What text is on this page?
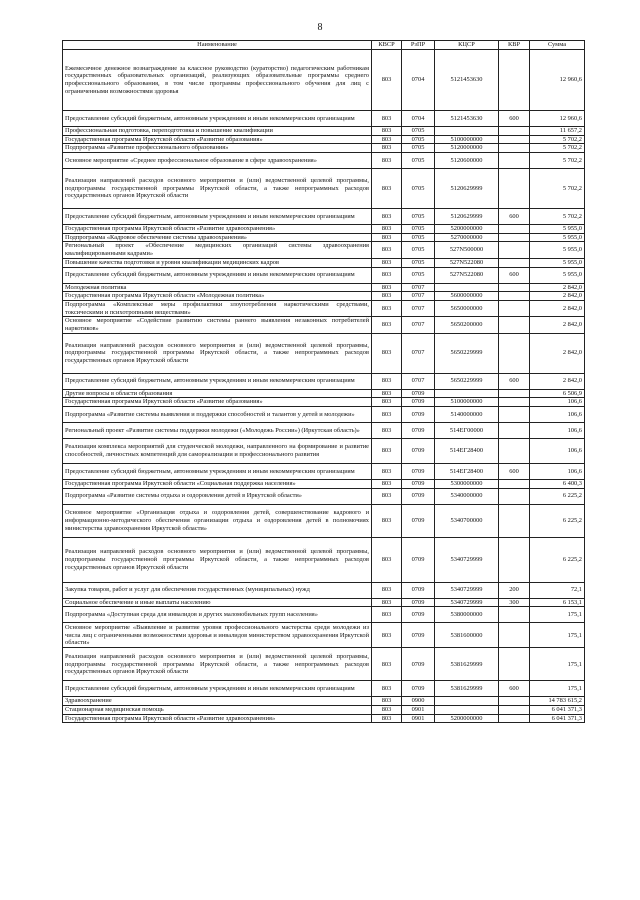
8
Наименование	КВСР	РзПР	КЦСР	КВР	Сумма
Ежемесячное денежное вознаграждение за классное руководство (кураторство) педагогическим работникам государственных образовательных организаций, реализующих образовательные программы среднего профессионального образования, в том числе программы профессионального обучения для лиц с ограниченными возможностями здоровья	803	0704	5121453630		12 960,6
Предоставление субсидий бюджетным, автономным учреждениям и иным некоммерческим организациям	803	0704	5121453630	600	12 960,6
Профессиональная подготовка, переподготовка и повышение квалификации	803	0705			11 657,2
Государственная программа Иркутской области «Развитие образования»	803	0705	5100000000		5 702,2
Подпрограмма «Развитие профессионального образования»	803	0705	5120000000		5 702,2
Основное мероприятие «Среднее профессиональное образование в сфере здравоохранения»	803	0705	5120600000		5 702,2
Реализация направлений расходов основного мероприятия и (или) ведомственной целевой программы, подпрограммы государственной программы Иркутской области, а также непрограммных расходов государственных органов Иркутской области	803	0705	5120629999		5 702,2
Предоставление субсидий бюджетным, автономным учреждениям и иным некоммерческим организациям	803	0705	5120629999	600	5 702,2
Государственная программа Иркутской области «Развитие здравоохранения»	803	0705	5200000000		5 955,0
Подпрограмма «Кадровое обеспечение системы здравоохранения»	803	0705	5270000000		5 955,0
Региональный проект «Обеспечение медицинских организаций системы здравоохранения квалифицированными кадрами»	803	0705	527N500000		5 955,0
Повышение качества подготовки и уровня квалификации медицинских кадров	803	0705	527N522080		5 955,0
Предоставление субсидий бюджетным, автономным учреждениям и иным некоммерческим организациям	803	0705	527N522080	600	5 955,0
Молодежная политика	803	0707			2 842,0
Государственная программа Иркутской области «Молодежная политика»	803	0707	5600000000		2 842,0
Подпрограмма «Комплексные меры профилактики злоупотребления наркотическими средствами, токсическими и психотропными веществами»	803	0707	5650000000		2 842,0
Основное мероприятие «Содействие развитию системы раннего выявления незаконных потребителей наркотиков»	803	0707	5650200000		2 842,0
Реализация направлений расходов основного мероприятия и (или) ведомственной целевой программы, подпрограммы государственной программы Иркутской области, а также непрограммных расходов государственных органов Иркутской области	803	0707	5650229999		2 842,0
Предоставление субсидий бюджетным, автономным учреждениям и иным некоммерческим организациям	803	0707	5650229999	600	2 842,0
Другие вопросы в области образования	803	0709			6 506,9
Государственная программа Иркутской области «Развитие образования»	803	0709	5100000000		106,6
Подпрограмма «Развитие системы выявления и поддержки способностей и талантов у детей и молодежи»	803	0709	5140000000		106,6
Региональный проект «Развитие системы поддержки молодежи («Молодежь России») (Иркутская область)»	803	0709	514ЕГ00000		106,6
Реализация комплекса мероприятий для студенческой молодежи, направленного на формирование и развитие способностей, личностных компетенций для самореализации и профессионального развития	803	0709	514ЕГ28400		106,6
Предоставление субсидий бюджетным, автономным учреждениям и иным некоммерческим организациям	803	0709	514ЕГ28400	600	106,6
Государственная программа Иркутской области «Социальная поддержка населения»	803	0709	5300000000		6 400,3
Подпрограмма «Развитие системы отдыха и оздоровления детей в Иркутской области»	803	0709	5340000000		6 225,2
Основное мероприятие «Организация отдыха и оздоровления детей, совершенствование кадрового и информационно-методического обеспечения организации отдыха и оздоровления детей в полномочиях министерства здравоохранения Иркутской области»	803	0709	5340700000		6 225,2
Реализация направлений расходов основного мероприятия и (или) ведомственной целевой программы, подпрограммы государственной программы Иркутской области, а также непрограммных расходов государственных органов Иркутской области	803	0709	5340729999		6 225,2
Закупка товаров, работ и услуг для обеспечения государственных (муниципальных) нужд	803	0709	5340729999	200	72,1
Социальное обеспечение и иные выплаты населению	803	0709	5340729999	300	6 153,1
Подпрограмма «Доступная среда для инвалидов и других маломобильных групп населения»	803	0709	5380000000		175,1
Основное мероприятие «Выявление и развитие уровня профессионального мастерства среди молодежи из числа лиц с ограниченными возможностями здоровья и инвалидов министерством здравоохранения Иркутской области»	803	0709	5381600000		175,1
Реализация направлений расходов основного мероприятия и (или) ведомственной целевой программы, подпрограммы государственной программы Иркутской области, а также непрограммных расходов государственных органов Иркутской области	803	0709	5381629999		175,1
Предоставление субсидий бюджетным, автономным учреждениям и иным некоммерческим организациям	803	0709	5381629999	600	175,1
Здравоохранение	803	0900			14 783 615,2
Стационарная медицинская помощь	803	0901			6 041 371,3
Государственная программа Иркутской области «Развитие здравоохранения»	803	0901	5200000000		6 041 371,3
